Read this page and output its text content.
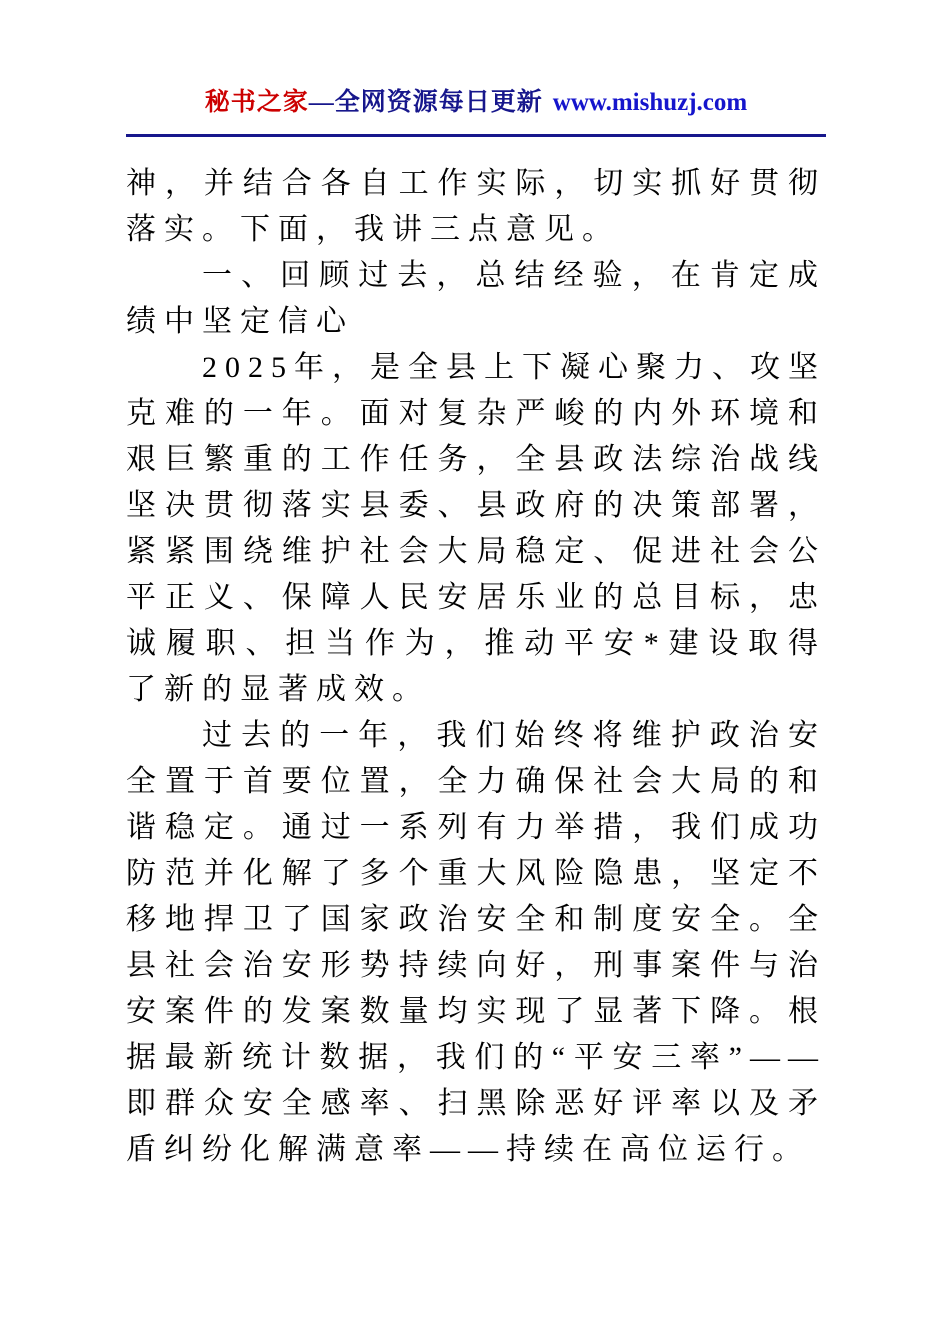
秘书之家—全网资源每日更新 www.mishuzj.com

神，并结合各自工作实际，切实抓好贯彻落实。下面，我讲三点意见。

一、回顾过去，总结经验，在肯定成绩中坚定信心

2025年，是全县上下凝心聚力、攻坚克难的一年。面对复杂严峻的内外环境和艰巨繁重的工作任务，全县政法综治战线坚决贯彻落实县委、县政府的决策部署，紧紧围绕维护社会大局稳定、促进社会公平正义、保障人民安居乐业的总目标，忠诚履职、担当作为，推动平安*建设取得了新的显著成效。

过去的一年，我们始终将维护政治安全置于首要位置，全力确保社会大局的和谐稳定。通过一系列有力举措，我们成功防范并化解了多个重大风险隐患，坚定不移地捍卫了国家政治安全和制度安全。全县社会治安形势持续向好，刑事案件与治安案件的发案数量均实现了显著下降。根据最新统计数据，我们的“平安三率”——即群众安全感率、扫黑除恶好评率以及矛盾纠纷化解满意率——持续在高位运行。
